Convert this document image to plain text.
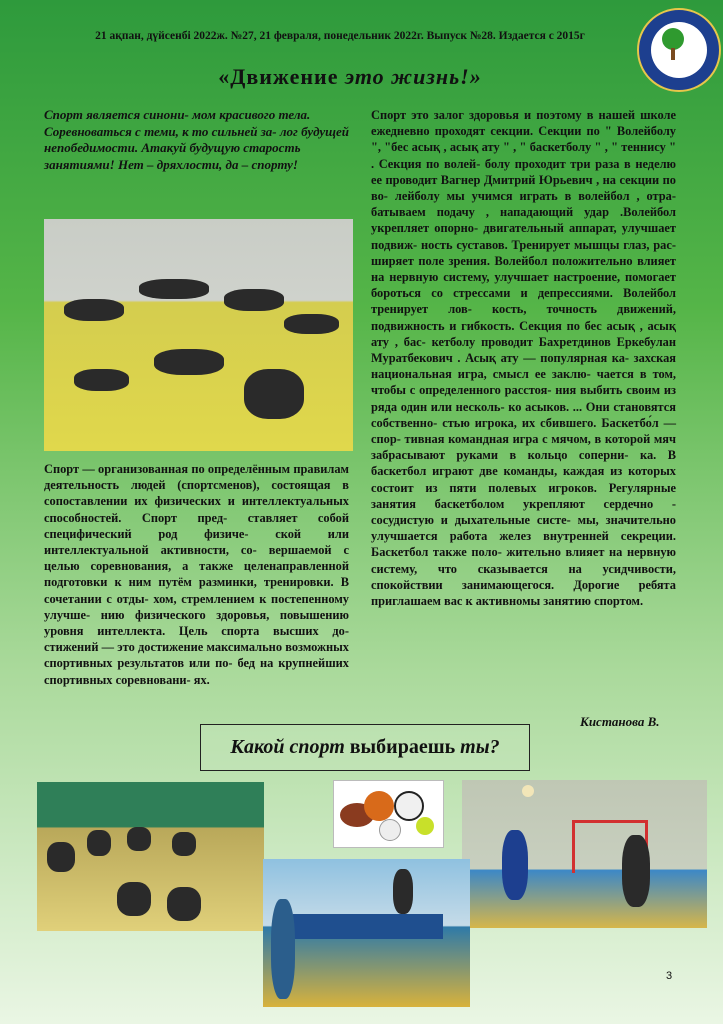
21 ақпан, дүйсенбі 2022ж. №27, 21 февраля, понедельник 2022г. Выпуск №28. Издается с 2015г
«Движение это жизнь!»
Спорт является синони- мом красивого тела. Соревноваться с теми, к то сильней за- лог будущей непобедимости. Атакуй будущую старость занятиями! Нет – дряхлости, да – спорту!
Спорт — организованная по определённым правилам деятельность людей (спортсменов), состоящая в сопоставлении их физических и интеллектуальных способностей. Спорт пред- ставляет собой специфический род физиче- ской или интеллектуальной активности, со- вершаемой с целью соревнования, а также целенаправленной подготовки к ним путём разминки, тренировки. В сочетании с отды- хом, стремлением к постепенному улучше- нию физического здоровья, повышению уровня интеллекта. Цель спорта высших до- стижений — это достижение максимально возможных спортивных результатов или по- бед на крупнейших спортивных соревновани- ях.
Спорт это залог здоровья и поэтому в нашей школе ежедневно проходят секции. Секции по " Волейболу ", "бес асық , асық ату " , " баскетболу " , " теннису " . Секция по волей- болу проходит три раза в неделю ее проводит Вагнер Дмитрий Юрьевич , на секции по во- лейболу мы учимся играть в волейбол , отра- батываем подачу , нападающий удар .Волейбол укрепляет опорно- двигательный аппарат, улучшает подвиж- ность суставов. Тренирует мышцы глаз, рас- ширяет поле зрения. Волейбол положительно влияет на нервную систему, улучшает настроение, помогает бороться со стрессами и депрессиями. Волейбол тренирует лов- кость, точность движений, подвижность и гибкость. Секция по бес асық , асық ату , бас- кетболу проводит Бахретдинов Еркебулан Муратбекович . Асық ату — популярная ка- захская национальная игра, смысл ее заклю- чается в том, чтобы с определенного расстоя- ния выбить своим из ряда один или несколь- ко асыков. ... Они становятся собственно- стью игрока, их сбившего. Баскетбо́л — спор- тивная командная игра с мячом, в которой мяч забрасывают руками в кольцо соперни- ка. В баскетбол играют две команды, каждая из которых состоит из пяти полевых игроков. Регулярные занятия баскетболом укрепляют сердечно - сосудистую и дыхательные систе- мы, значительно улучшается работа желез внутренней секреции. Баскетбол также поло- жительно влияет на нервную систему, что сказывается на усидчивости, спокойствии занимающегося. Дорогие ребята приглашаем вас к активномы занятию спортом.
Кистанова В.
Какой спорт выбираешь ты?
3
